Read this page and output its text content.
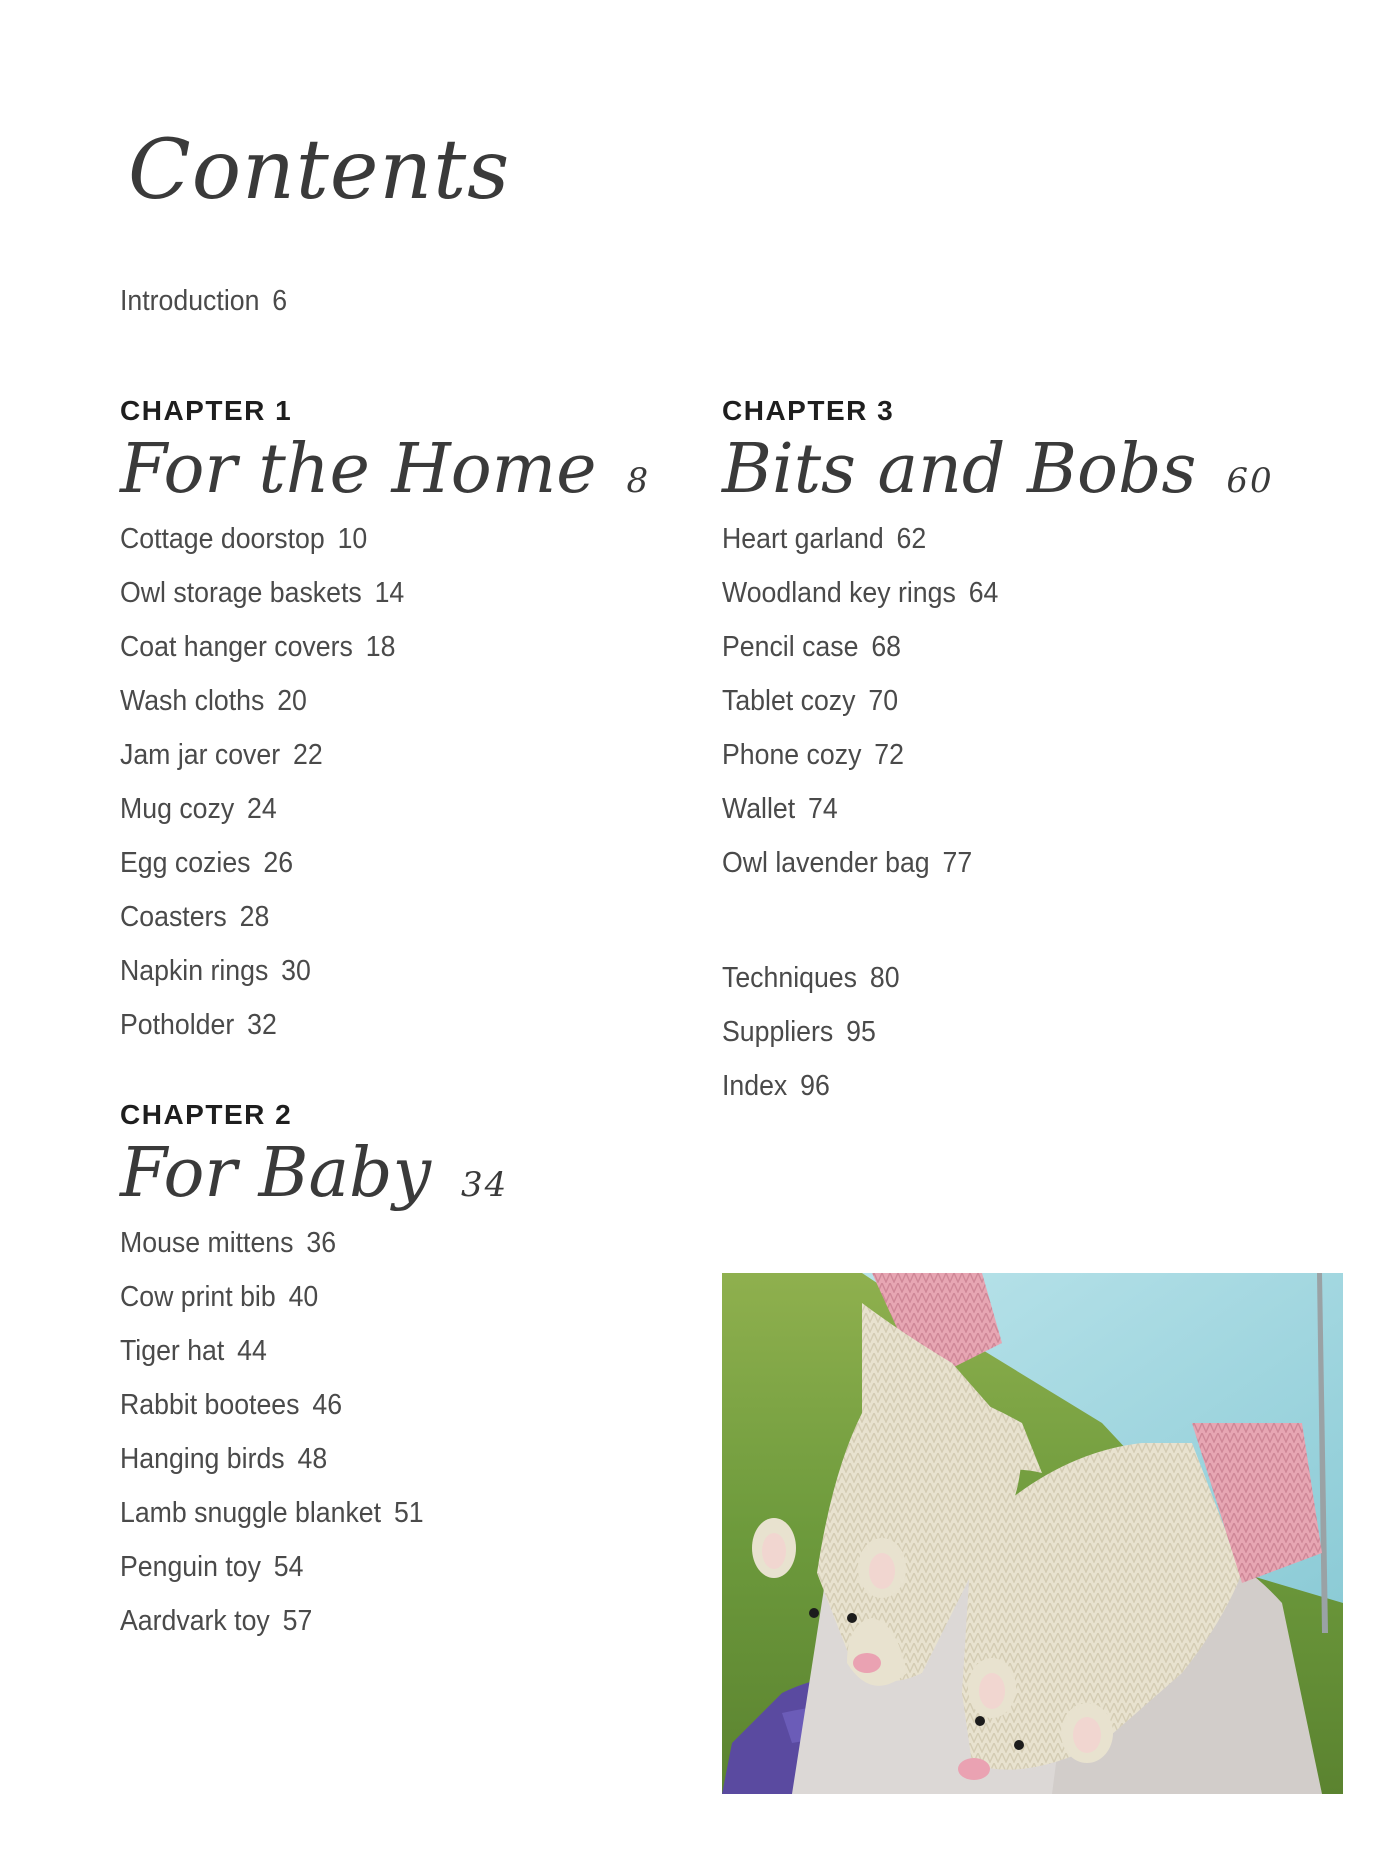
Contents
Introduction 6
CHAPTER 1
For the Home 8
Cottage doorstop 10
Owl storage baskets 14
Coat hanger covers 18
Wash cloths 20
Jam jar cover 22
Mug cozy 24
Egg cozies 26
Coasters 28
Napkin rings 30
Potholder 32
CHAPTER 2
For Baby 34
Mouse mittens 36
Cow print bib 40
Tiger hat 44
Rabbit bootees 46
Hanging birds 48
Lamb snuggle blanket 51
Penguin toy 54
Aardvark toy 57
CHAPTER 3
Bits and Bobs 60
Heart garland 62
Woodland key rings 64
Pencil case 68
Tablet cozy 70
Phone cozy 72
Wallet 74
Owl lavender bag 77
Techniques 80
Suppliers 95
Index 96
